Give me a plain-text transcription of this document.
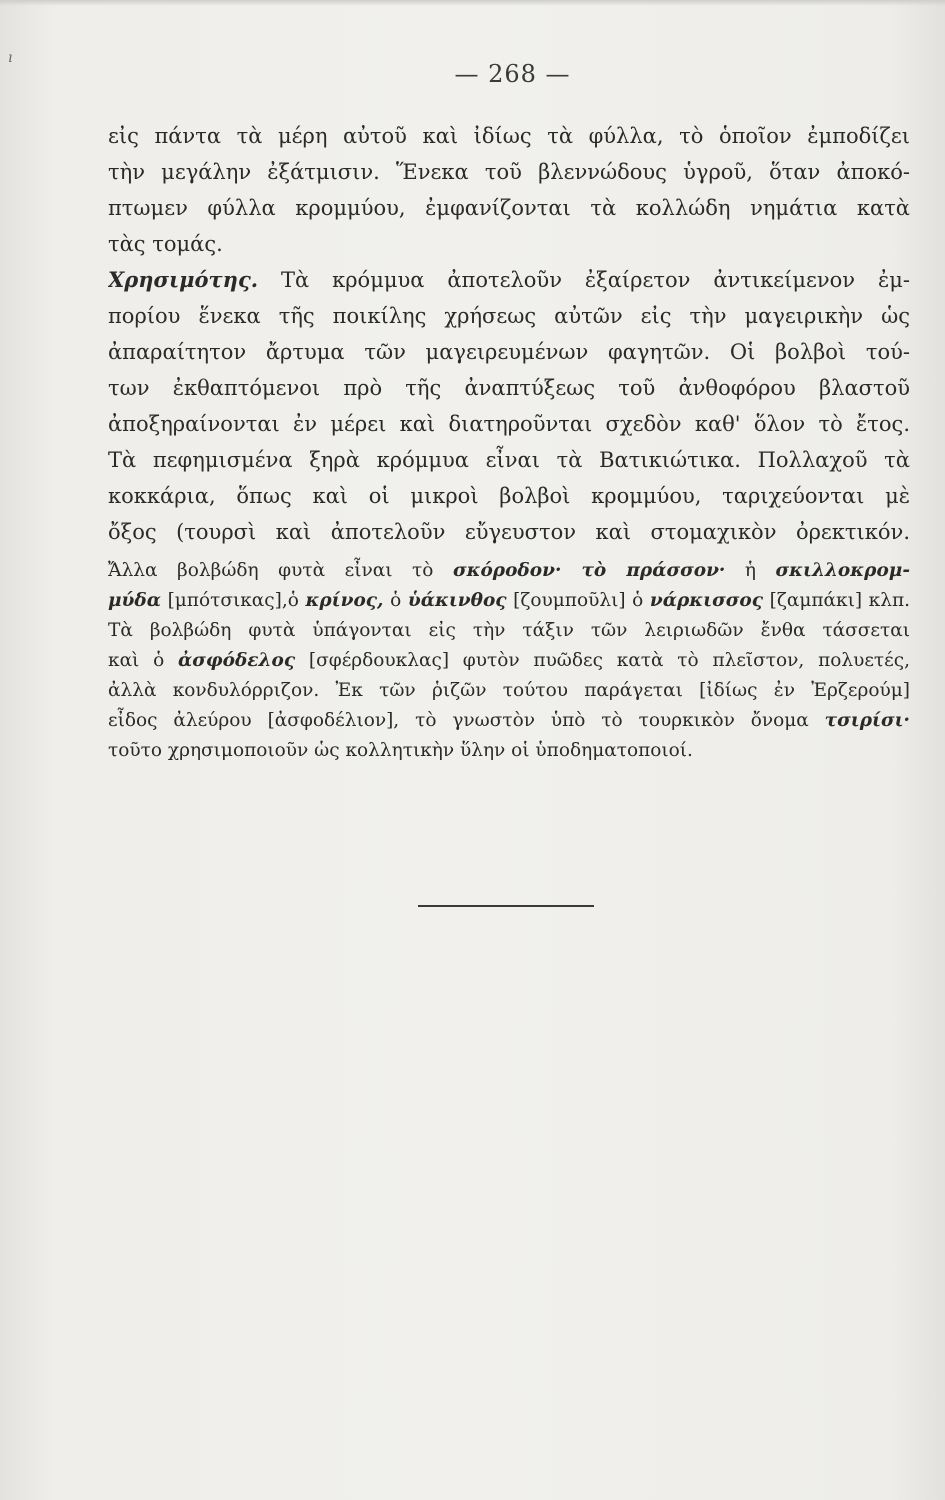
ı
— 268 —
εἰς πάντα τὰ μέρη αὐτοῦ καὶ ἰδίως τὰ φύλλα, τὸ ὁποῖον ἐμποδίζει
τὴν μεγάλην ἐξάτμισιν. Ἕνεκα τοῦ βλεννώδους ὑγροῦ, ὅταν ἀποκό-
πτωμεν φύλλα κρομμύου, ἐμφανίζονται τὰ κολλώδη νημάτια κατὰ
τὰς τομάς.
Χρησιμότης. Τὰ κρόμμυα ἀποτελοῦν ἐξαίρετον ἀντικείμενον ἐμ-
πορίου ἕνεκα τῆς ποικίλης χρήσεως αὐτῶν εἰς τὴν μαγειρικὴν ὡς
ἀπαραίτητον ἄρτυμα τῶν μαγειρευμένων φαγητῶν. Οἱ βολβοὶ τού-
των ἐκθαπτόμενοι πρὸ τῆς ἀναπτύξεως τοῦ ἀνθοφόρου βλαστοῦ
ἀποξηραίνονται ἐν μέρει καὶ διατηροῦνται σχεδὸν καθ' ὅλον τὸ ἔτος.
Τὰ πεφημισμένα ξηρὰ κρόμμυα εἶναι τὰ Βατικιώτικα. Πολλαχοῦ τὰ
κοκκάρια, ὅπως καὶ οἱ μικροὶ βολβοὶ κρομμύου, ταριχεύονται μὲ
ὄξος (τουρσὶ καὶ ἀποτελοῦν εὔγευστον καὶ στομαχικὸν ὀρεκτικόν.
Ἄλλα βολβώδη φυτὰ εἶναι τὸ σκόροδον· τὸ πράσσον· ἡ σκιλλοκρομ-
μύδα [μπότσικας],ὁ κρίνος, ὁ ὑάκινθος [ζουμποῦλι] ὁ νάρκισσος [ζαμπάκι] κλπ.
Τὰ βολβώδη φυτὰ ὑπάγονται εἰς τὴν τάξιν τῶν λειριωδῶν ἔνθα τάσσεται
καὶ ὁ ἀσφόδελος [σφέρδουκλας] φυτὸν πυῶδες κατὰ τὸ πλεῖστον, πολυετές,
ἀλλὰ κονδυλόρριζον. Ἐκ τῶν ῥιζῶν τούτου παράγεται [ἰδίως ἐν Ἐρζερούμ]
εἶδος ἀλεύρου [ἀσφοδέλιον], τὸ γνωστὸν ὑπὸ τὸ τουρκικὸν ὄνομα τσιρίσι·
τοῦτο χρησιμοποιοῦν ὡς κολλητικὴν ὕλην οἱ ὑποδηματοποιοί.
